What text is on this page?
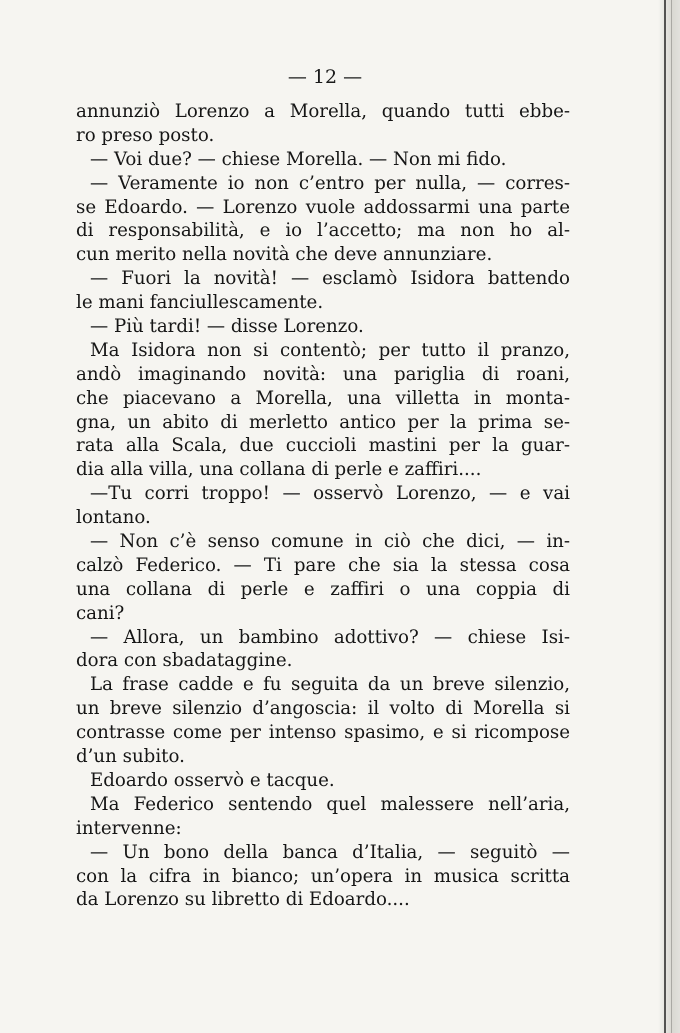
— 12 —
annunziò Lorenzo a Morella, quando tutti ebbe-
ro preso posto.
— Voi due? — chiese Morella. — Non mi fido.
— Veramente io non c’entro per nulla, — corres-
se Edoardo. — Lorenzo vuole addossarmi una parte
di responsabilità, e io l’accetto; ma non ho al-
cun merito nella novità che deve annunziare.
— Fuori la novità! — esclamò Isidora battendo
le mani fanciullescamente.
— Più tardi! — disse Lorenzo.
Ma Isidora non si contentò; per tutto il pranzo,
andò imaginando novità: una pariglia di roani,
che piacevano a Morella, una villetta in monta-
gna, un abito di merletto antico per la prima se-
rata alla Scala, due cuccioli mastini per la guar-
dia alla villa, una collana di perle e zaffiri....
—Tu corri troppo! — osservò Lorenzo, — e vai
lontano.
— Non c’è senso comune in ciò che dici, — in-
calzò Federico. — Ti pare che sia la stessa cosa
una collana di perle e zaffiri o una coppia di
cani?
— Allora, un bambino adottivo? — chiese Isi-
dora con sbadataggine.
La frase cadde e fu seguita da un breve silenzio,
un breve silenzio d’angoscia: il volto di Morella si
contrasse come per intenso spasimo, e si ricompose
d’un subito.
Edoardo osservò e tacque.
Ma Federico sentendo quel malessere nell’aria,
intervenne:
— Un bono della banca d’Italia, — seguitò —
con la cifra in bianco; un’opera in musica scritta
da Lorenzo su libretto di Edoardo....
